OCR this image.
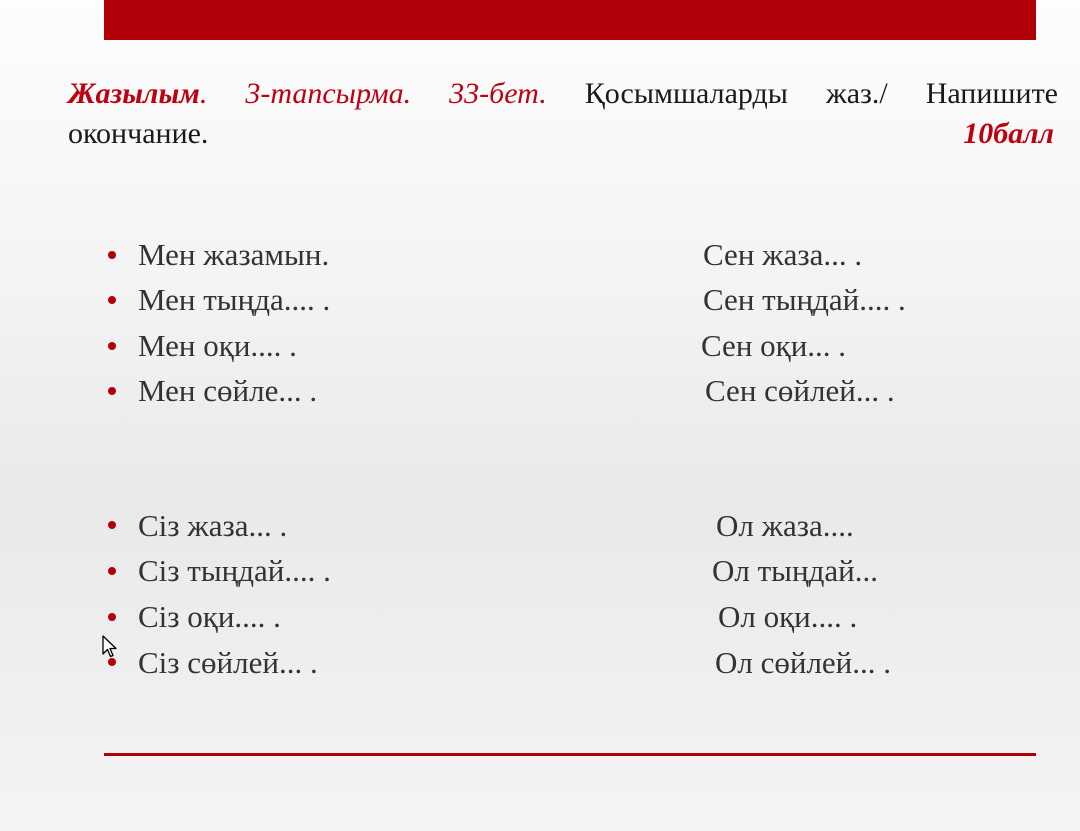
Жазылым. 3-тапсырма. 33-бет. Қосымшаларды жаз./ Напишите
окончание.	10балл
Мен жазамын.	Сен жаза... .
Мен тыңда.... .	Сен тыңдай.... .
Мен оқи.... .	Сен оқи... .
Мен сөйле... .	Сен сөйлей... .
Сіз жаза... .	Ол жаза....
Сіз тыңдай.... .	Ол тыңдай...
Сіз оқи.... .	Ол оқи.... .
Сіз сөйлей... .	Ол сөйлей... .
